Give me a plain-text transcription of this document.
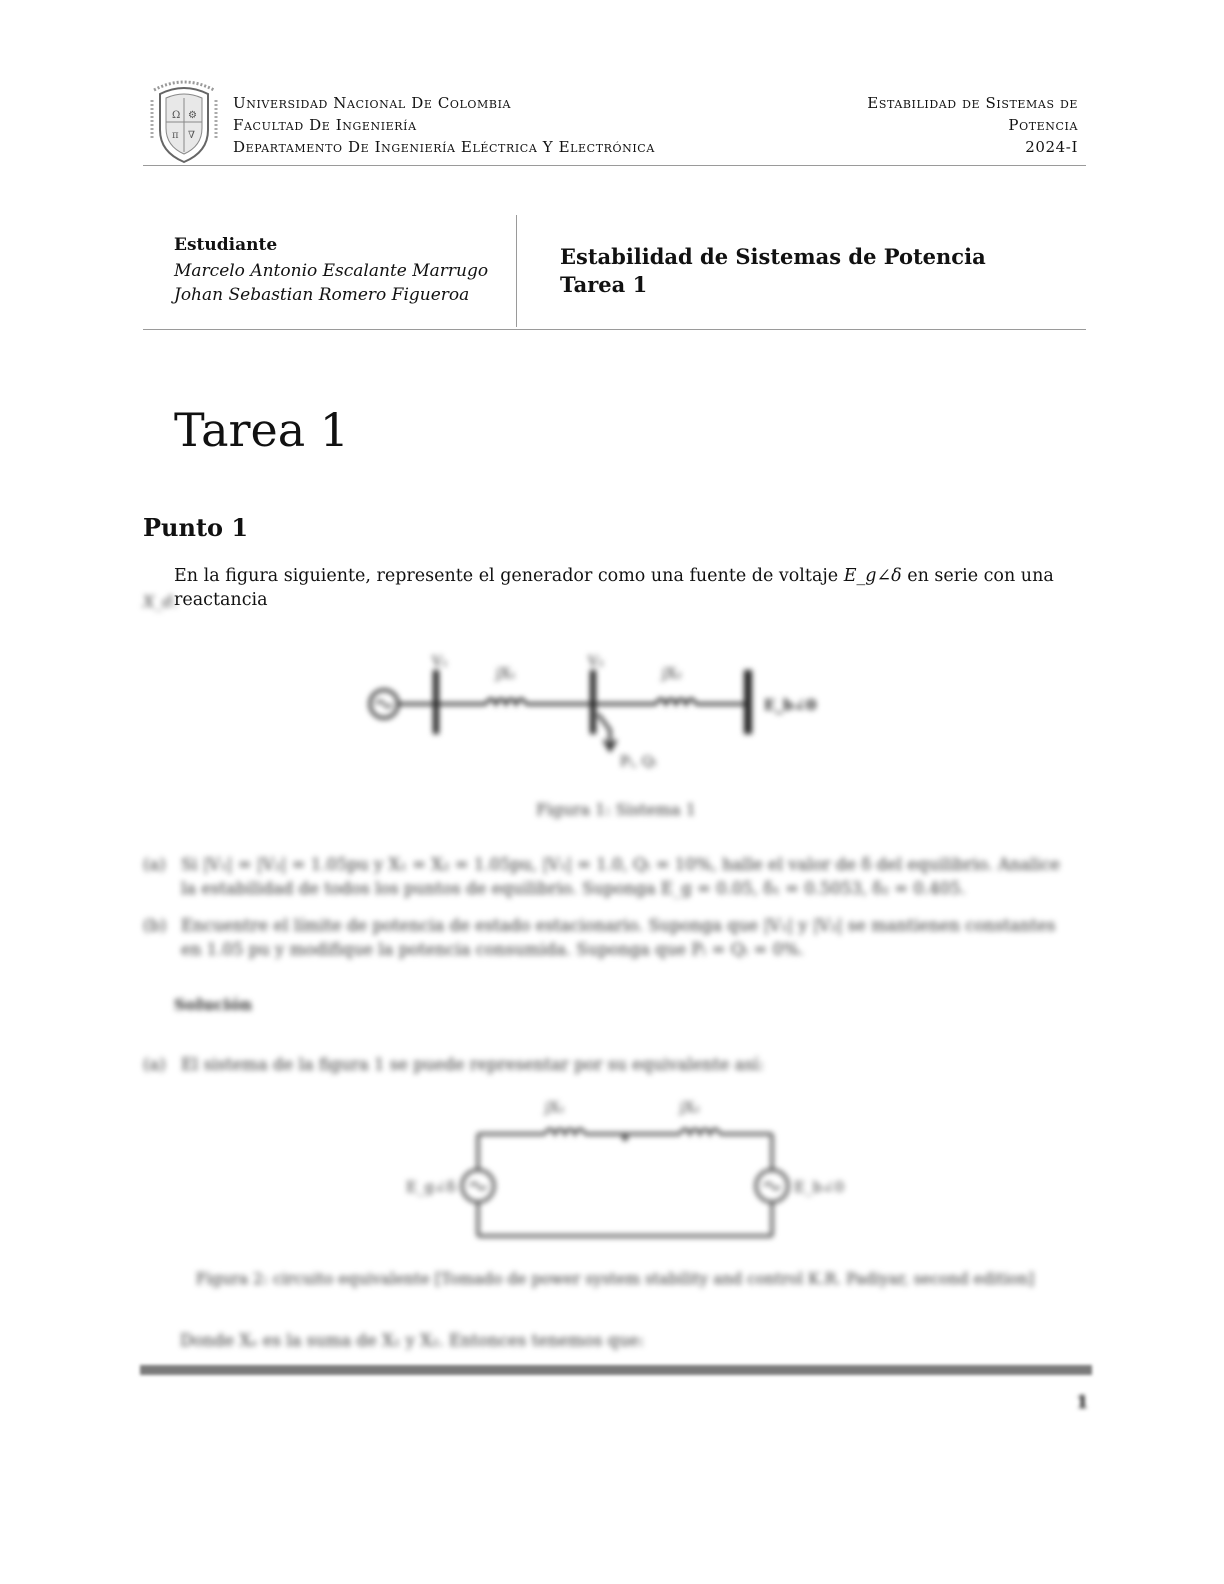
Ω ⚙
π ∇
Universidad Nacional De Colombia
Facultad De Ingeniería
Departamento De Ingeniería Eléctrica Y Electrónica
Estabilidad de Sistemas de
Potencia
2024-I
Estudiante
Marcelo Antonio Escalante Marrugo
Johan Sebastian Romero Figueroa
Estabilidad de Sistemas de Potencia
Tarea 1
Tarea 1
Punto 1
En la figura siguiente, represente el generador como una fuente de voltaje E_g∠δ en serie con una reactancia
X_d.
V₁	V₂
jX₁	jX₂
E_b∠0
Pₗ, Qₗ
Figura 1: Sistema 1
(a) Si |V₁| = |V₂| = 1.05pu y X₁ = X₂ = 1.05pu, |V₁| = 1.0, Qₗ = 10%, halle el valor de δ del equilibrio. Analice
la estabilidad de todos los puntos de equilibrio. Suponga E_g = 0.05, δ₁ = 0.5053, δ₂ = 0.405.
(b) Encuentre el límite de potencia de estado estacionario. Suponga que |V₁| y |V₂| se mantienen constantes
en 1.05 pu y modifique la potencia consumida. Suponga que Pₗ = Qₗ = 0%.
Solución
(a) El sistema de la figura 1 se puede representar por su equivalente así:
jX₁	jX₂
E_g∠δ	E_b∠0
Figura 2: circuito equivalente [Tomado de power system stability and control K.R. Padiyar, second edition]
Donde Xₑ es la suma de X₁ y X₂. Entonces tenemos que:
1
